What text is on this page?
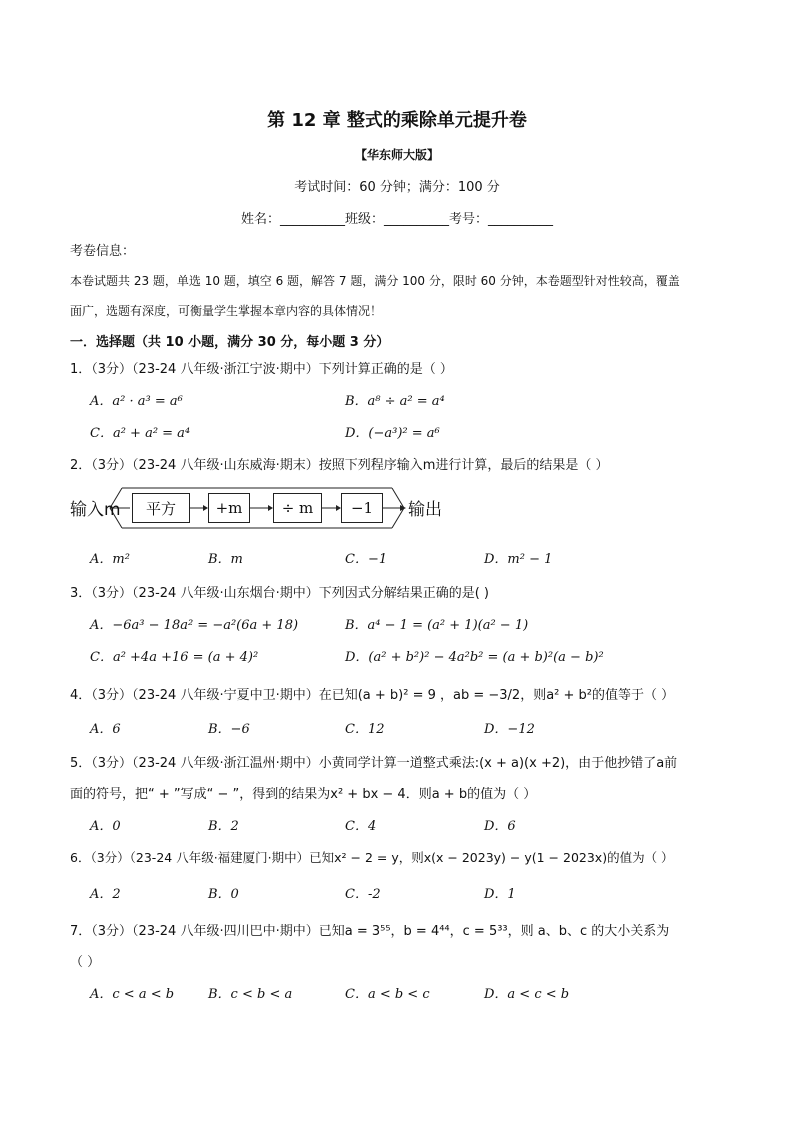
第 12 章 整式的乘除单元提升卷
【华东师大版】
考试时间：60 分钟；满分：100 分
姓名：__________班级：__________考号：__________
考卷信息：
本卷试题共 23 题，单选 10 题，填空 6 题，解答 7 题，满分 100 分，限时 60 分钟，本卷题型针对性较高，覆盖
面广，选题有深度，可衡量学生掌握本章内容的具体情况！
一．选择题（共 10 小题，满分 30 分，每小题 3 分）
1．（3分）（23-24 八年级·浙江宁波·期中）下列计算正确的是（ ）
A．a² · a³ = a⁶	B．a⁸ ÷ a² = a⁴
C．a² + a² = a⁴	D．(−a³)² = a⁶
2．（3分）（23-24 八年级·山东威海·期末）按照下列程序输入m进行计算，最后的结果是（ ）
输入m	平方	+m	÷ m	−1	输出
A．m²	B．m	C．−1	D．m² − 1
3．（3分）（23-24 八年级·山东烟台·期中）下列因式分解结果正确的是( )
A．−6a³ − 18a² = −a²(6a + 18)	B．a⁴ − 1 = (a² + 1)(a² − 1)
C．a² +4a +16 = (a + 4)²	D．(a² + b²)² − 4a²b² = (a + b)²(a − b)²
4．（3分）（23-24 八年级·宁夏中卫·期中）在已知(a + b)² = 9 ，ab = −3/2，则a² + b²的值等于（ ）
A．6	B．−6	C．12	D．−12
5．（3分）（23-24 八年级·浙江温州·期中）小黄同学计算一道整式乘法:(x + a)(x +2)，由于他抄错了a前
面的符号，把“ + ”写成“ − ”，得到的结果为x² + bx − 4．则a + b的值为（ ）
A．0	B．2	C．4	D．6
6．（3分）（23-24 八年级·福建厦门·期中）已知x² − 2 = y，则x(x − 2023y) − y(1 − 2023x)的值为（ ）
A．2	B．0	C．-2	D．1
7．（3分）（23-24 八年级·四川巴中·期中）已知a = 3⁵⁵，b = 4⁴⁴，c = 5³³，则 a、b、c 的大小关系为
（ ）
A．c < a < b	B．c < b < a	C．a < b < c	D．a < c < b
